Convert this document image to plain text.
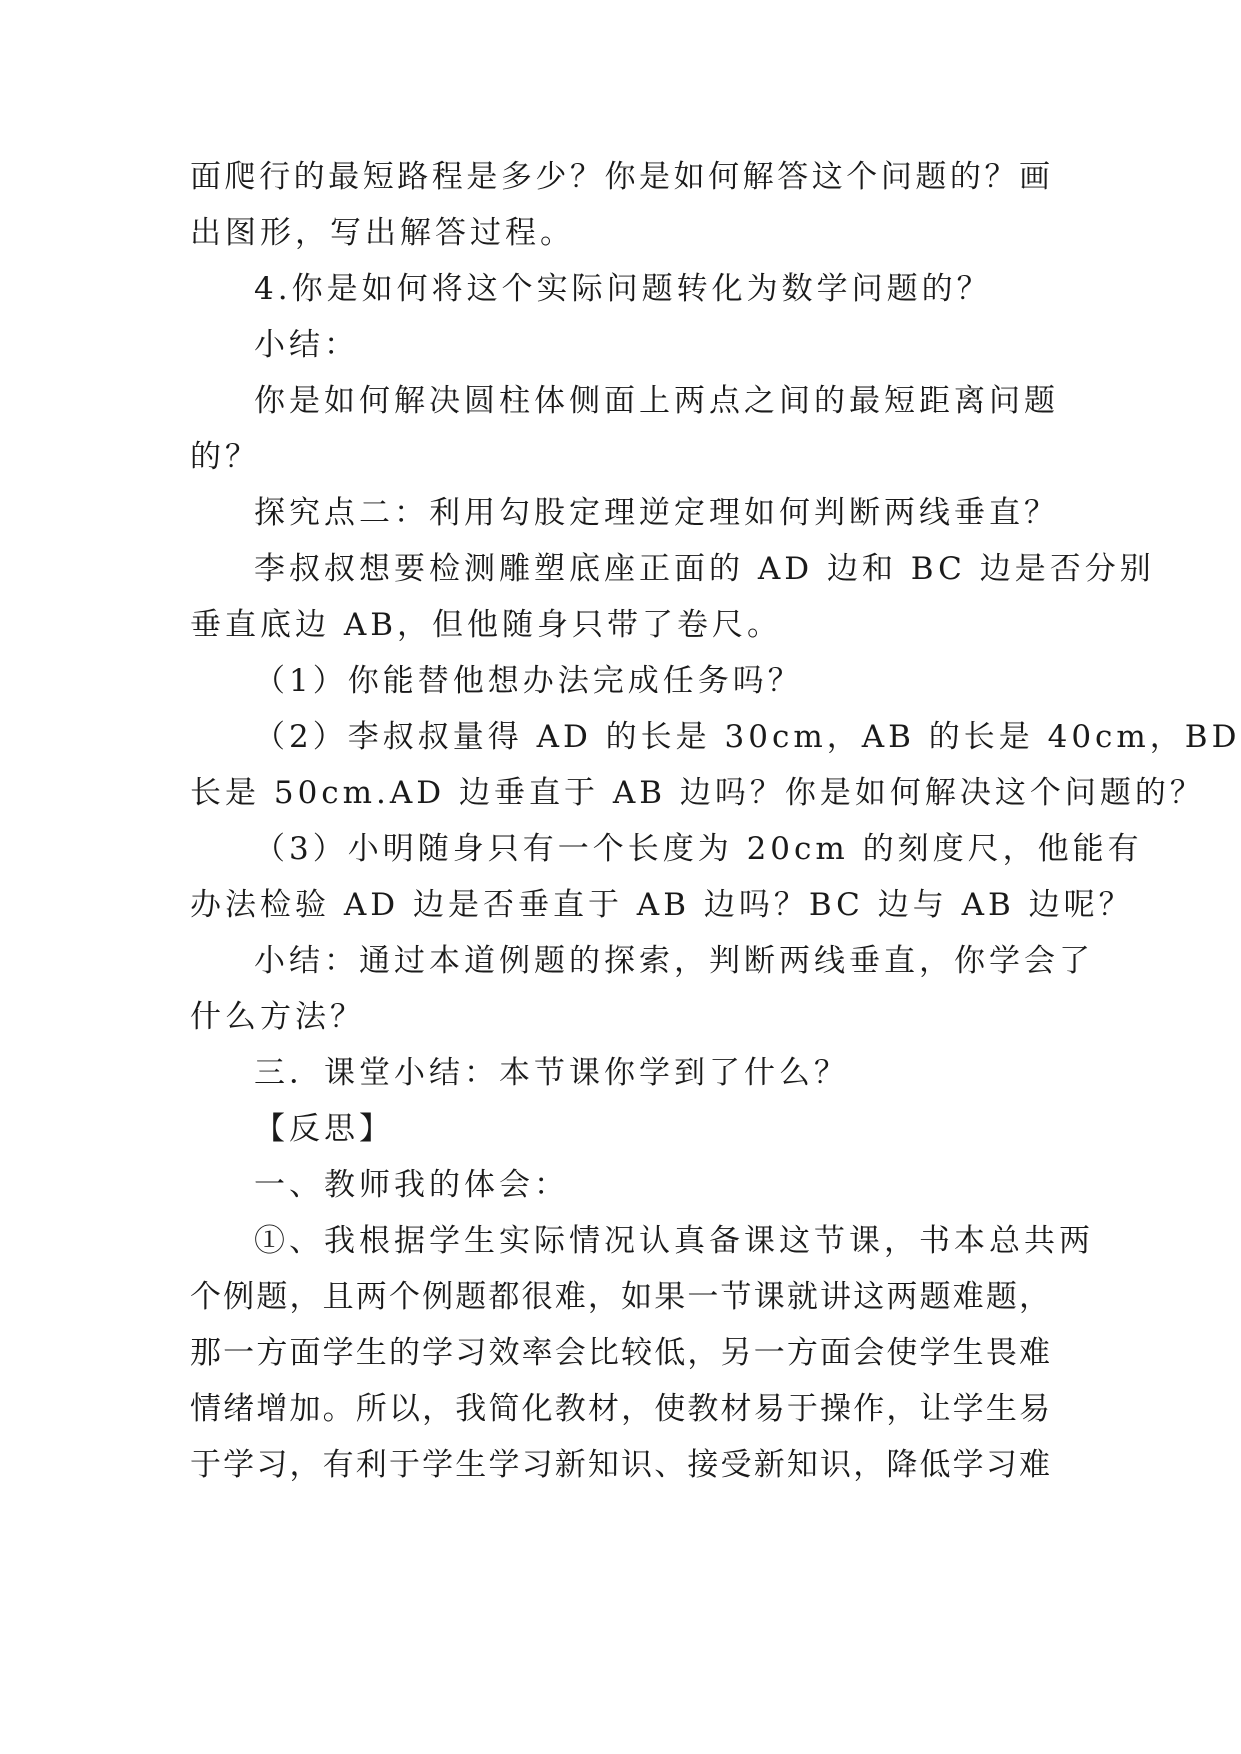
面爬行的最短路程是多少？你是如何解答这个问题的？画
出图形，写出解答过程。
4.你是如何将这个实际问题转化为数学问题的？
小结：
你是如何解决圆柱体侧面上两点之间的最短距离问题
的？
探究点二：利用勾股定理逆定理如何判断两线垂直？
李叔叔想要检测雕塑底座正面的 AD 边和 BC 边是否分别
垂直底边 AB，但他随身只带了卷尺。
（1）你能替他想办法完成任务吗？
（2）李叔叔量得 AD 的长是 30cm，AB 的长是 40cm，BD
长是 50cm.AD 边垂直于 AB 边吗？你是如何解决这个问题的？
（3）小明随身只有一个长度为 20cm 的刻度尺，他能有
办法检验 AD 边是否垂直于 AB 边吗？BC 边与 AB 边呢？
小结：通过本道例题的探索，判断两线垂直，你学会了
什么方法？
三．课堂小结：本节课你学到了什么？
【反思】
一、教师我的体会：
①、我根据学生实际情况认真备课这节课，书本总共两
个例题，且两个例题都很难，如果一节课就讲这两题难题，
那一方面学生的学习效率会比较低，另一方面会使学生畏难
情绪增加。所以，我简化教材，使教材易于操作，让学生易
于学习，有利于学生学习新知识、接受新知识，降低学习难
